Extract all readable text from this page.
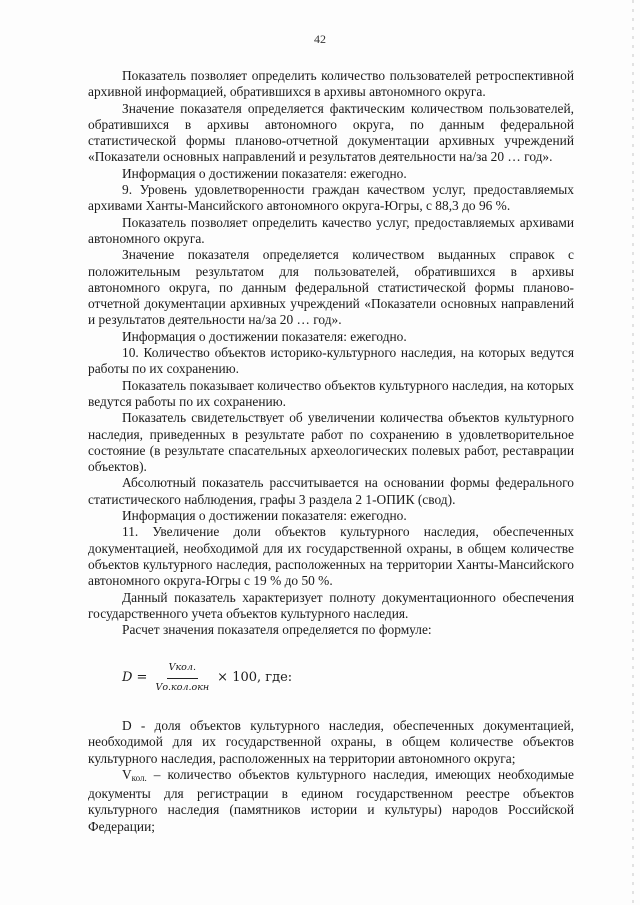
42

Показатель позволяет определить количество пользователей ретроспективной архивной информацией, обратившихся в архивы автономного округа.

Значение показателя определяется фактическим количеством пользователей, обратившихся в архивы автономного округа, по данным федеральной статистической формы планово-отчетной документации архивных учреждений «Показатели основных направлений и результатов деятельности на/за 20 … год».

Информация о достижении показателя: ежегодно.

9. Уровень удовлетворенности граждан качеством услуг, предоставляемых архивами Ханты-Мансийского автономного округа-Югры, с 88,3 до 96 %.

Показатель позволяет определить качество услуг, предоставляемых архивами автономного округа.

Значение показателя определяется количеством выданных справок с положительным результатом для пользователей, обратившихся в архивы автономного округа, по данным федеральной статистической формы планово-отчетной документации архивных учреждений «Показатели основных направлений и результатов деятельности на/за 20 … год».

Информация о достижении показателя: ежегодно.

10. Количество объектов историко-культурного наследия, на которых ведутся работы по их сохранению.

Показатель показывает количество объектов культурного наследия, на которых ведутся работы по их сохранению.

Показатель свидетельствует об увеличении количества объектов культурного наследия, приведенных в результате работ по сохранению в удовлетворительное состояние (в результате спасательных археологических полевых работ, реставрации объектов).

Абсолютный показатель рассчитывается на основании формы федерального статистического наблюдения, графы 3 раздела 2 1-ОПИК (свод).

Информация о достижении показателя: ежегодно.

11. Увеличение доли объектов культурного наследия, обеспеченных документацией, необходимой для их государственной охраны, в общем количестве объектов культурного наследия, расположенных на территории Ханты-Мансийского автономного округа-Югры с 19 % до 50 %.

Данный показатель характеризует полноту документационного обеспечения государственного учета объектов культурного наследия.

Расчет значения показателя определяется по формуле:

$D = \frac{\text{Vкол.}}{\text{Vо.кол.окн}} \times 100$, где:

D - доля объектов культурного наследия, обеспеченных документацией, необходимой для их государственной охраны, в общем количестве объектов культурного наследия, расположенных на территории автономного округа;

Vкол. – количество объектов культурного наследия, имеющих необходимые документы для регистрации в едином государственном реестре объектов культурного наследия (памятников истории и культуры) народов Российской Федерации;
